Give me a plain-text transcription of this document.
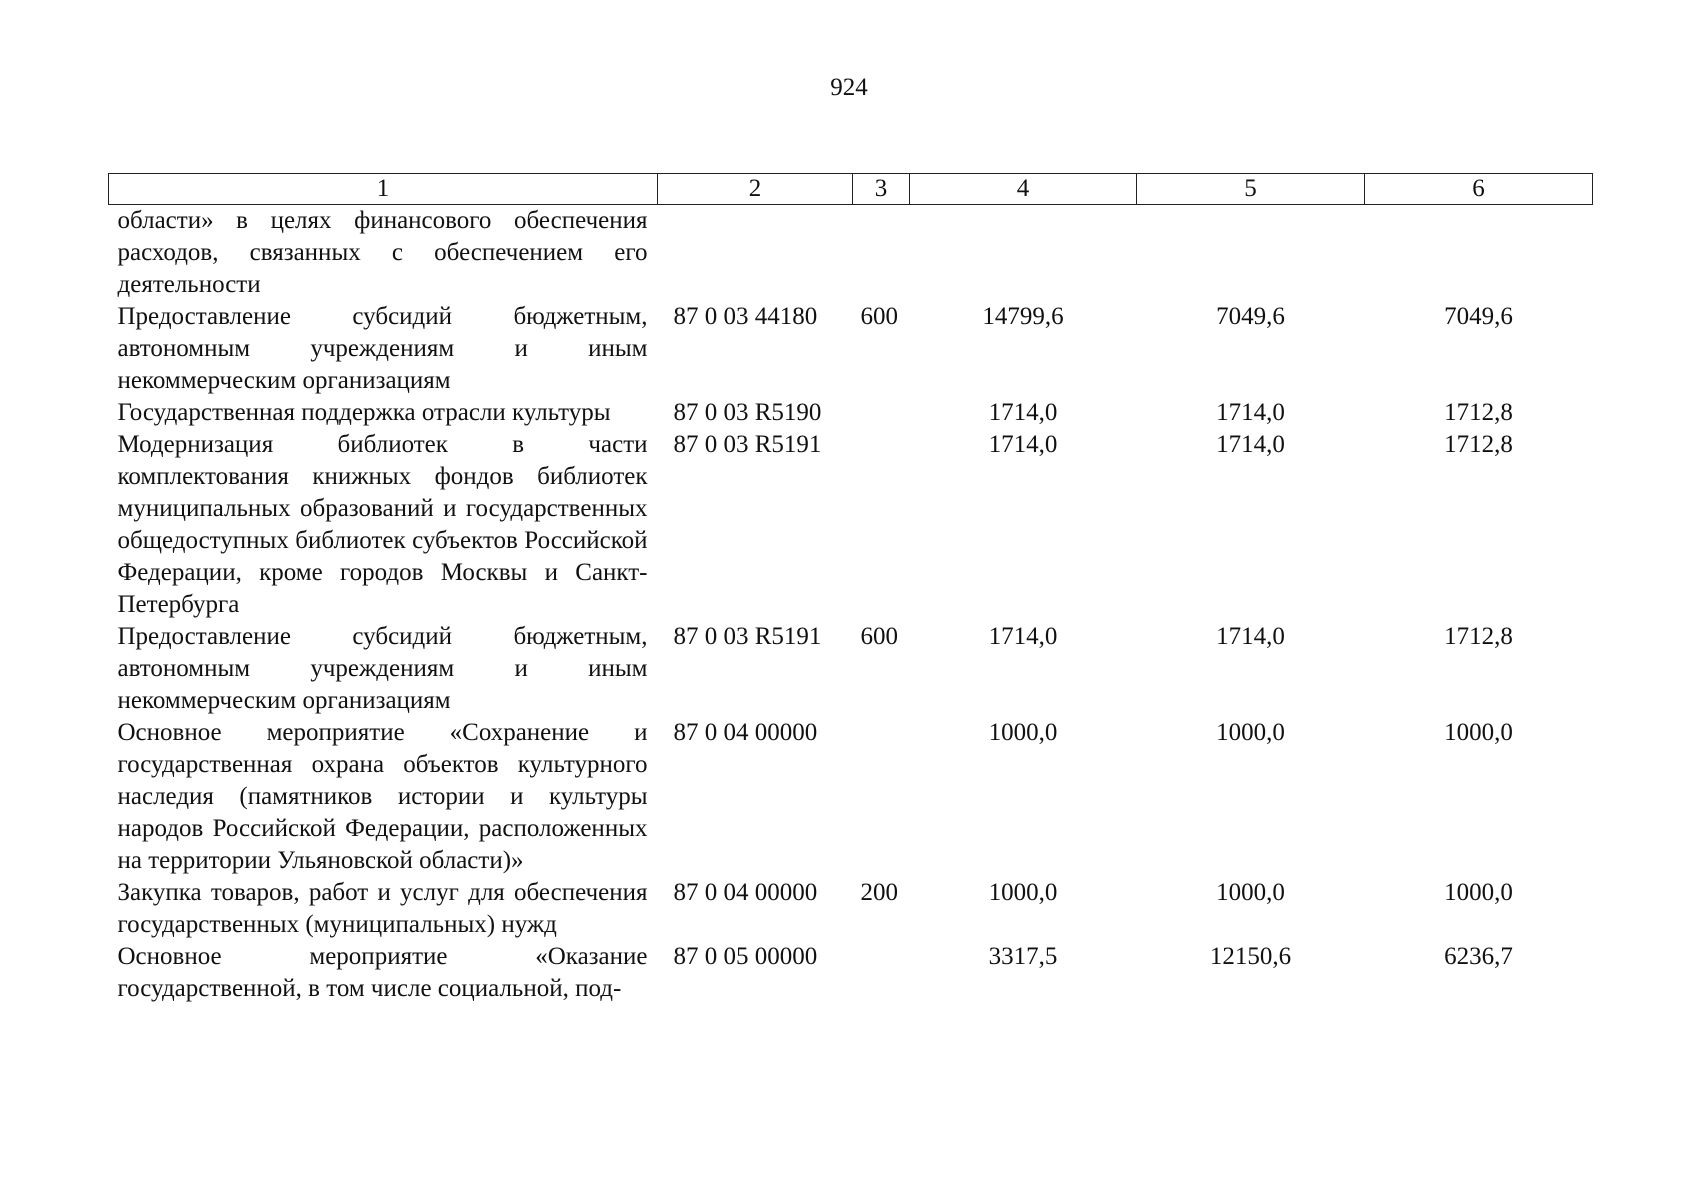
924
1	2	3	4	5	6
области» в целях финансового обеспечения расходов, связанных с обеспечением его деятельности					
Предоставление субсидий бюджетным, автономным учреждениям и иным некоммерческим организациям	87 0 03 44180	600	14799,6	7049,6	7049,6
Государственная поддержка отрасли культуры	87 0 03 R5190		1714,0	1714,0	1712,8
Модернизация библиотек в части комплектования книжных фондов библиотек муниципальных образований и государственных общедоступных библиотек субъектов Российской Федерации, кроме городов Москвы и Санкт-Петербурга	87 0 03 R5191		1714,0	1714,0	1712,8
Предоставление субсидий бюджетным, автономным учреждениям и иным некоммерческим организациям	87 0 03 R5191	600	1714,0	1714,0	1712,8
Основное мероприятие «Сохранение и государственная охрана объектов культурного наследия (памятников истории и культуры народов Российской Федерации, расположенных на территории Ульяновской области)»	87 0 04 00000		1000,0	1000,0	1000,0
Закупка товаров, работ и услуг для обеспечения государственных (муниципальных) нужд	87 0 04 00000	200	1000,0	1000,0	1000,0
Основное мероприятие «Оказание государственной, в том числе социальной, под-	87 0 05 00000		3317,5	12150,6	6236,7
